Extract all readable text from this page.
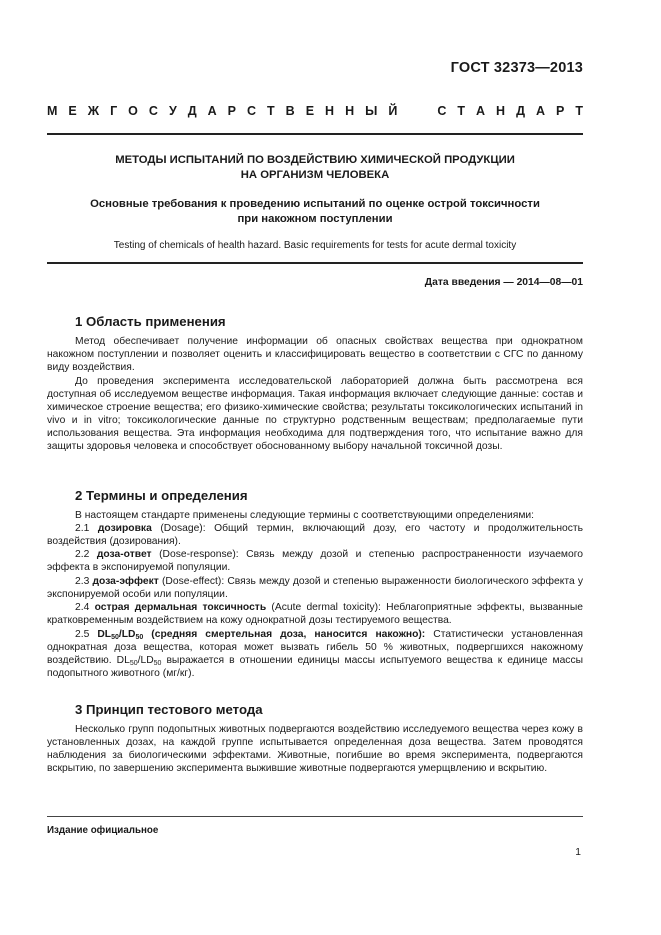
ГОСТ 32373—2013
М Е Ж Г О С У Д А Р С Т В Е Н Н Ы Й	С Т А Н Д А Р Т
МЕТОДЫ ИСПЫТАНИЙ ПО ВОЗДЕЙСТВИЮ ХИМИЧЕСКОЙ ПРОДУКЦИИ
НА ОРГАНИЗМ ЧЕЛОВЕКА
Основные требования к проведению испытаний по оценке острой токсичности
при накожном поступлении
Testing of chemicals of health hazard. Basic requirements for tests for acute dermal toxicity
Дата введения — 2014—08—01
1 Область применения

Метод обеспечивает получение информации об опасных свойствах вещества при однократном накожном поступлении и позволяет оценить и классифицировать вещество в соответствии с СГС по данному виду воздействия.

До проведения эксперимента исследовательской лабораторией должна быть рассмотрена вся доступная об исследуемом веществе информация. Такая информация включает следующие данные: состав и химическое строение вещества; его физико-химические свойства; результаты токсикологических испытаний in vivo и in vitro; токсикологические данные по структурно родственным веществам; предполагаемые пути использования вещества. Эта информация необходима для подтверждения того, что испытание важно для защиты здоровья человека и способствует обоснованному выбору начальной токсичной дозы.

2 Термины и определения

В настоящем стандарте применены следующие термины с соответствующими определениями:

2.1 дозировка (Dosage): Общий термин, включающий дозу, его частоту и продолжительность воздействия (дозирования).

2.2 доза-ответ (Dose-response): Связь между дозой и степенью распространенности изучаемого эффекта в экспонируемой популяции.

2.3 доза-эффект (Dose-effect): Связь между дозой и степенью выраженности биологического эффекта у экспонируемой особи или популяции.

2.4 острая дермальная токсичность (Acute dermal toxicity): Неблагоприятные эффекты, вызванные кратковременным воздействием на кожу однократной дозы тестируемого вещества.

2.5 $DL_{50}/LD_{50}$ (средняя смертельная доза, наносится накожно): Статистически установленная однократная доза вещества, которая может вызвать гибель 50 % животных, подвергшихся накожному воздействию. $DL_{50}/LD_{50}$ выражается в отношении единицы массы испытуемого вещества к единице массы подопытного животного (мг/кг).

3 Принцип тестового метода

Несколько групп подопытных животных подвергаются воздействию исследуемого вещества через кожу в установленных дозах, на каждой группе испытывается определенная доза вещества. Затем проводятся наблюдения за биологическими эффектами. Животные, погибшие во время эксперимента, подвергаются вскрытию, по завершению эксперимента выжившие животные подвергаются умерщвлению и вскрытию.

Издание официальное
1
